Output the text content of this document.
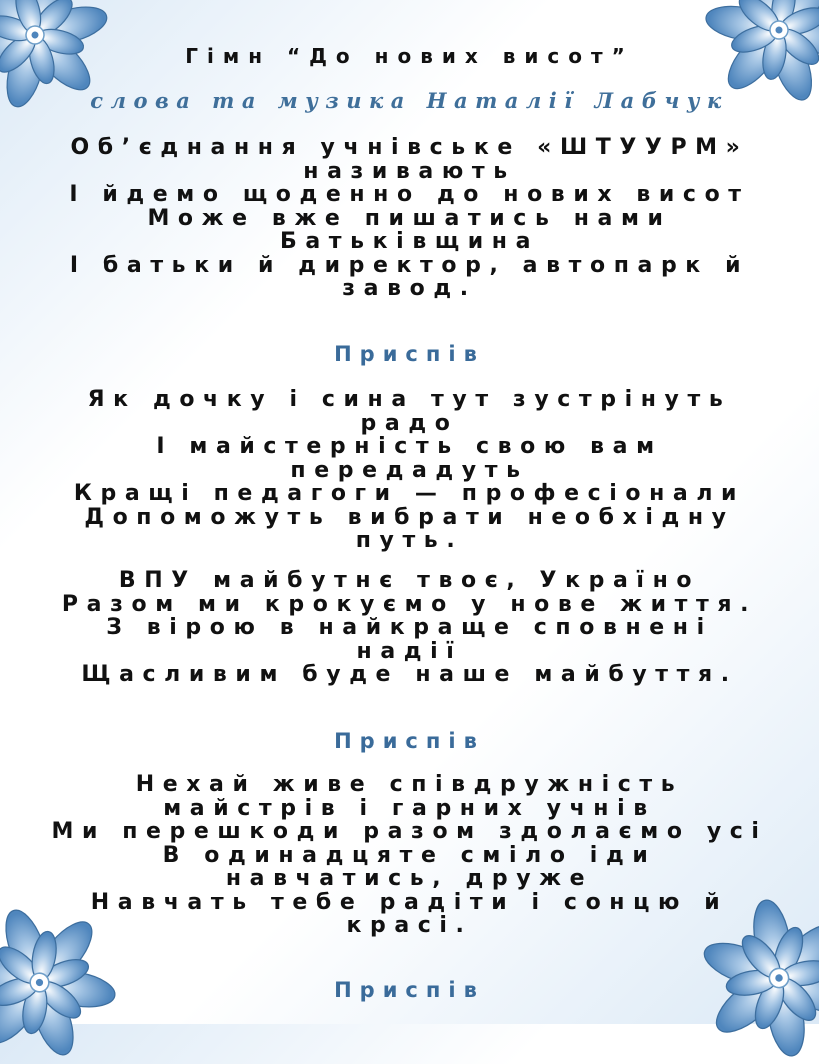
Гімн “До нових висот”
слова та музика Наталії Лабчук
Об’єднання учнівське «ШТУУРМ» називають
І йдемо щоденно до нових висот
Може вже пишатись нами Батьківщина
І батьки й директор, автопарк й завод.
Приспів
Як дочку і сина тут зустрінуть радо
І майстерність свою вам передадуть
Кращі педагоги — професіонали
Допоможуть вибрати необхідну путь.
ВПУ майбутнє твоє, Україно
Разом ми крокуємо у нове життя.
З вірою в найкраще сповнені надії
Щасливим буде наше майбуття.
Приспів
Нехай живе співдружність майстрів і гарних учнів
Ми перешкоди разом здолаємо усі
В одинадцяте сміло іди навчатись, друже
Навчать тебе радіти і сонцю й красі.
Приспів
